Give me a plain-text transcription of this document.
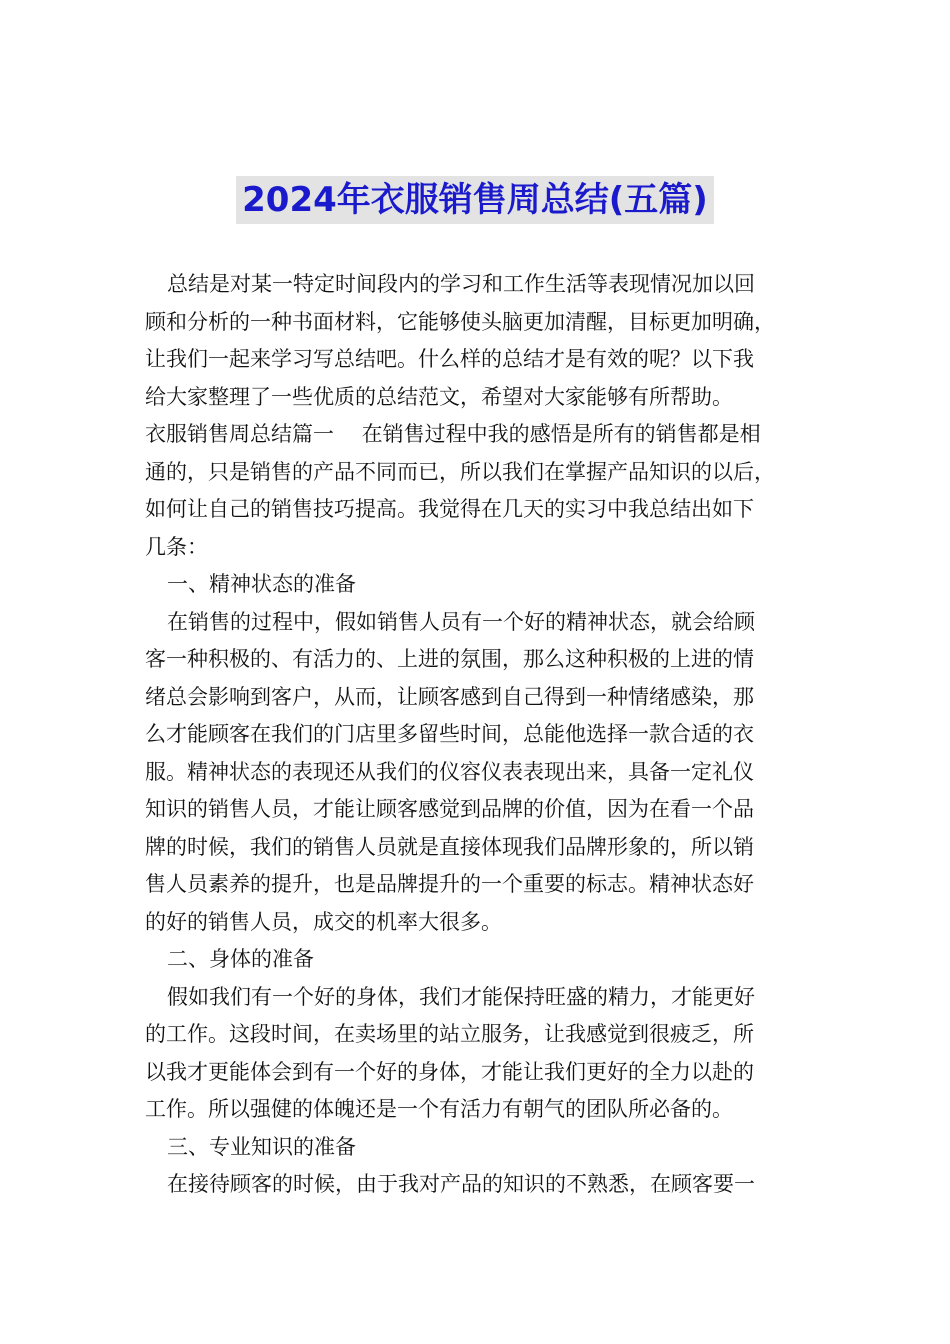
2024年衣服销售周总结(五篇)
总结是对某一特定时间段内的学习和工作生活等表现情况加以回
顾和分析的一种书面材料，它能够使头脑更加清醒，目标更加明确，
让我们一起来学习写总结吧。什么样的总结才是有效的呢？以下我
给大家整理了一些优质的总结范文，希望对大家能够有所帮助。
衣服销售周总结篇一　 在销售过程中我的感悟是所有的销售都是相
通的，只是销售的产品不同而已，所以我们在掌握产品知识的以后，
如何让自己的销售技巧提高。我觉得在几天的实习中我总结出如下
几条：
一、精神状态的准备
在销售的过程中，假如销售人员有一个好的精神状态，就会给顾
客一种积极的、有活力的、上进的氛围，那么这种积极的上进的情
绪总会影响到客户，从而，让顾客感到自己得到一种情绪感染，那
么才能顾客在我们的门店里多留些时间，总能他选择一款合适的衣
服。精神状态的表现还从我们的仪容仪表表现出来，具备一定礼仪
知识的销售人员，才能让顾客感觉到品牌的价值，因为在看一个品
牌的时候，我们的销售人员就是直接体现我们品牌形象的，所以销
售人员素养的提升，也是品牌提升的一个重要的标志。精神状态好
的好的销售人员，成交的机率大很多。
二、身体的准备
假如我们有一个好的身体，我们才能保持旺盛的精力，才能更好
的工作。这段时间，在卖场里的站立服务，让我感觉到很疲乏，所
以我才更能体会到有一个好的身体，才能让我们更好的全力以赴的
工作。所以强健的体魄还是一个有活力有朝气的团队所必备的。
三、专业知识的准备
在接待顾客的时候，由于我对产品的知识的不熟悉，在顾客要一
